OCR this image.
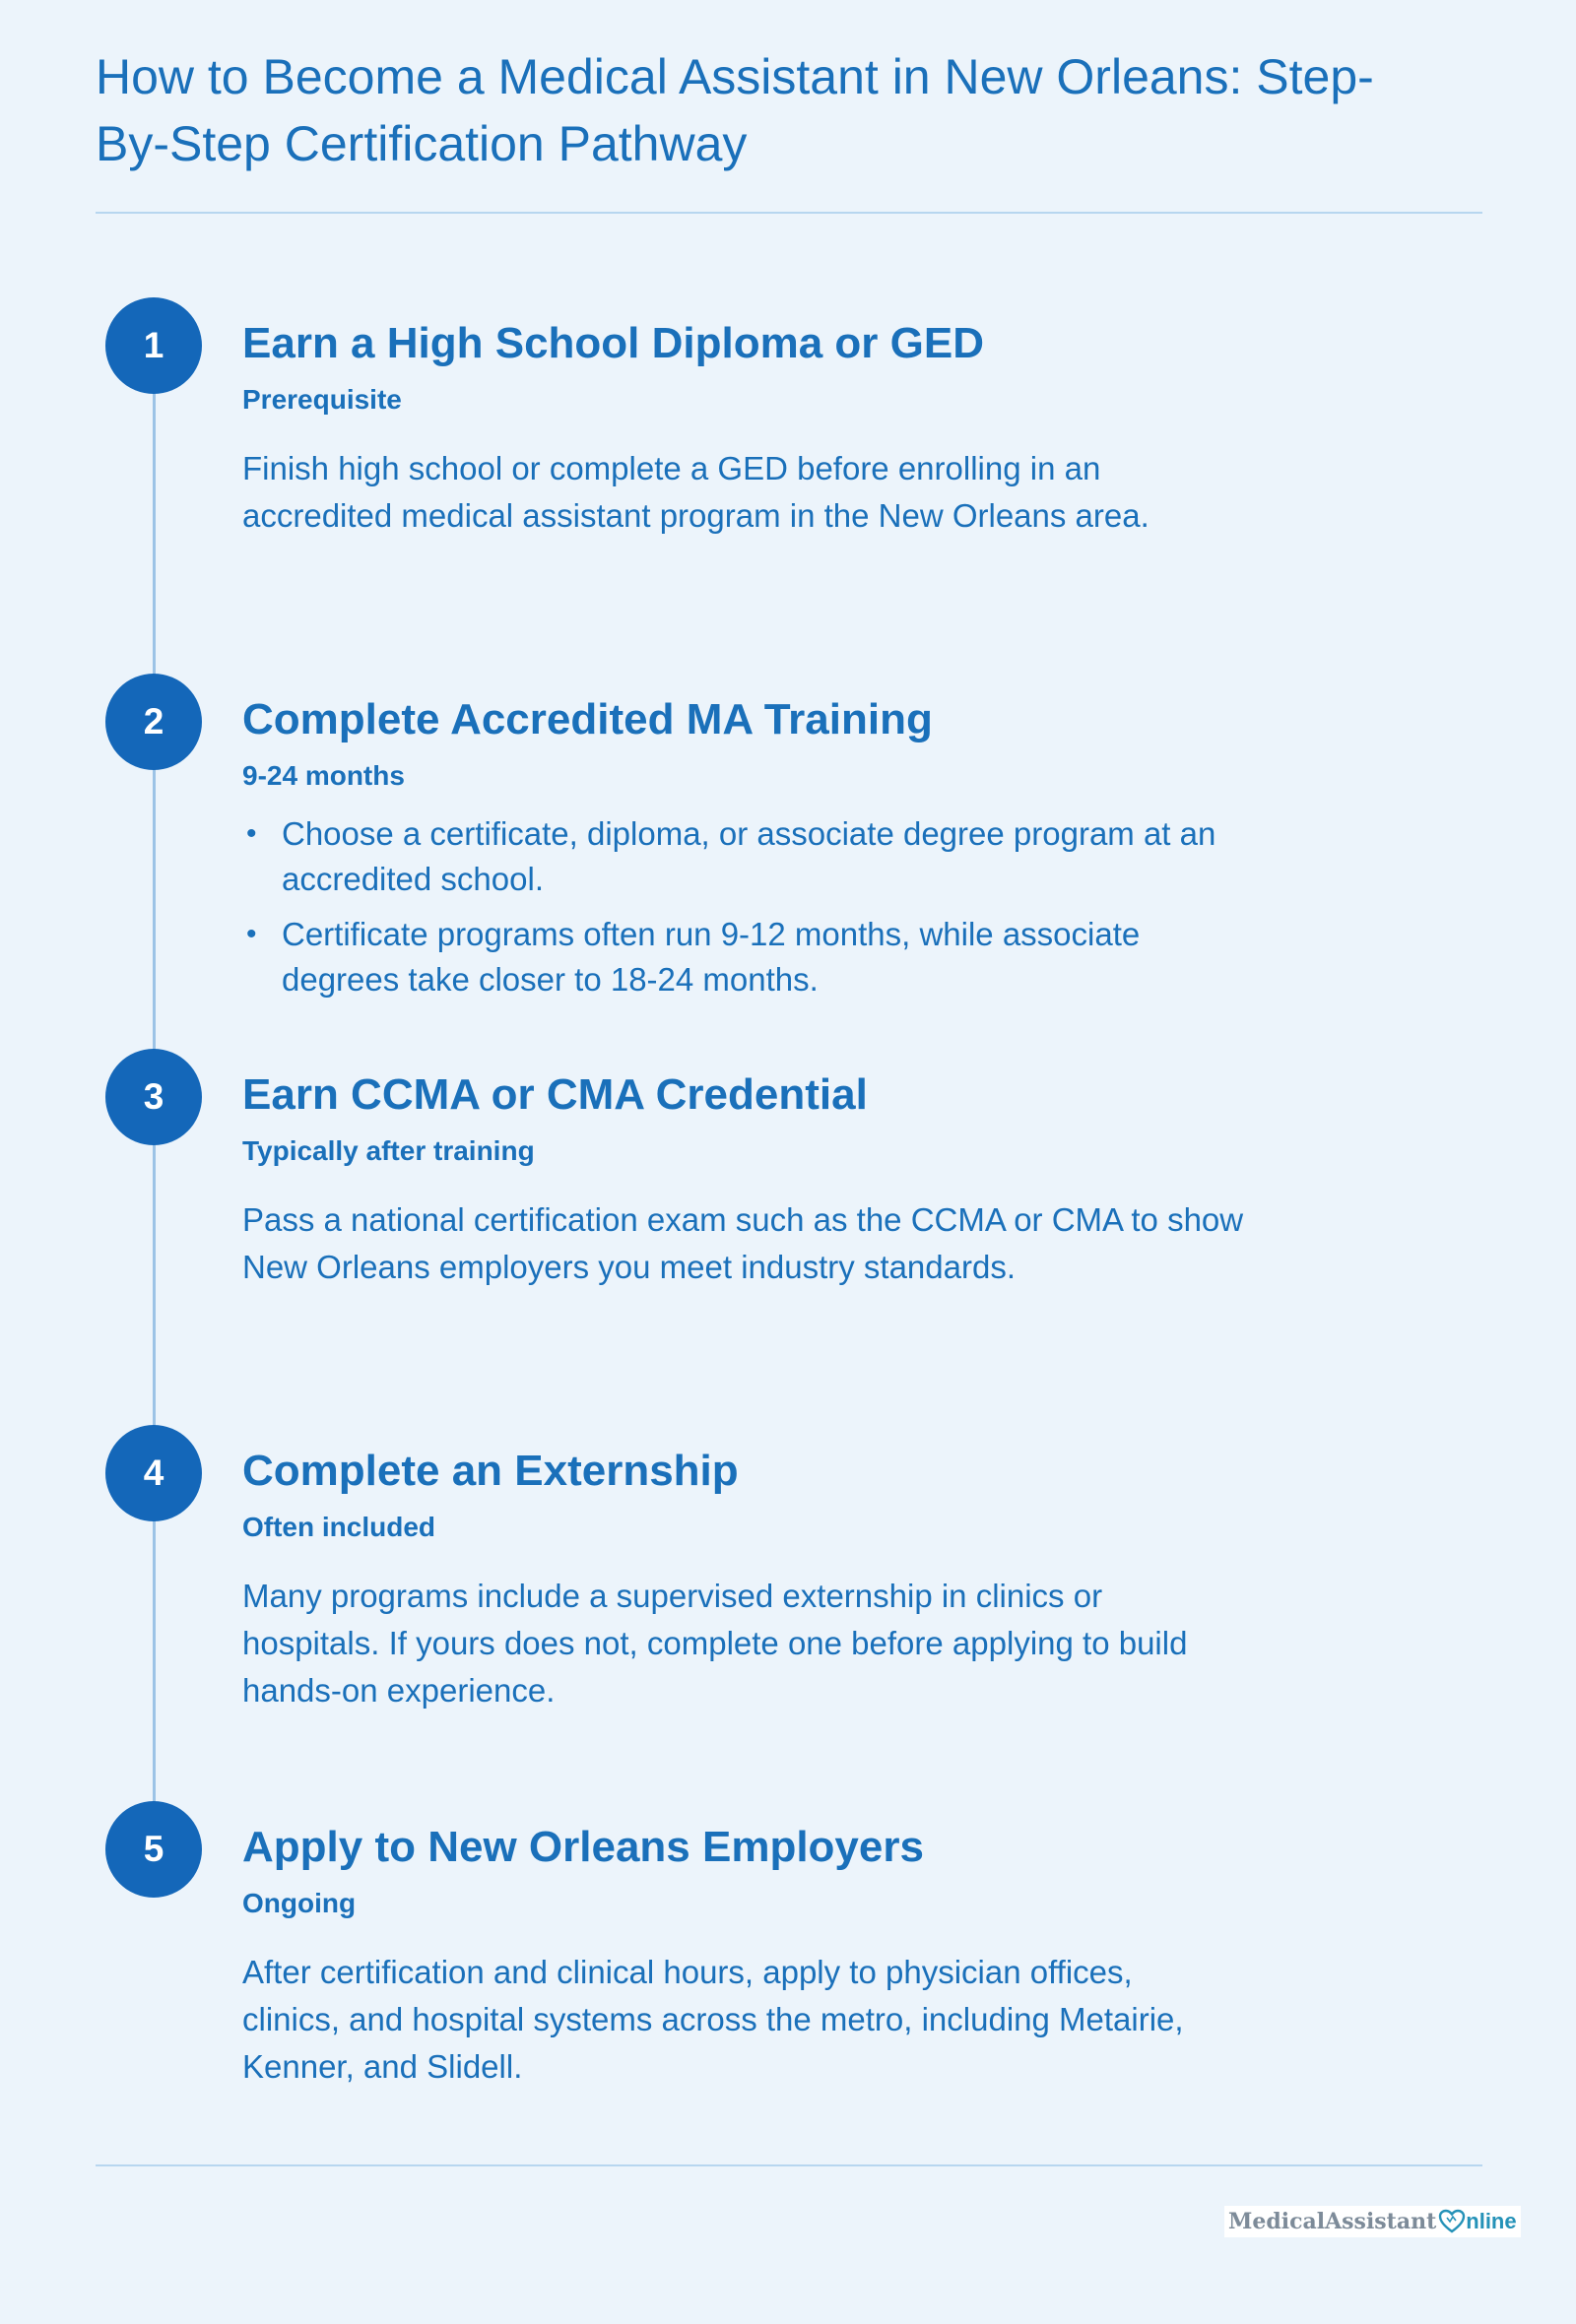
How to Become a Medical Assistant in New Orleans: Step-By-Step Certification Pathway
1	Earn a High School Diploma or GED
Prerequisite

Finish high school or complete a GED before enrolling in an accredited medical assistant program in the New Orleans area.

2	Complete Accredited MA Training
9-24 months
• Choose a certificate, diploma, or associate degree program at an accredited school.
• Certificate programs often run 9-12 months, while associate degrees take closer to 18-24 months.
3	Earn CCMA or CMA Credential
Typically after training

Pass a national certification exam such as the CCMA or CMA to show New Orleans employers you meet industry standards.

4	Complete an Externship
Often included

Many programs include a supervised externship in clinics or hospitals. If yours does not, complete one before applying to build hands-on experience.

5	Apply to New Orleans Employers
Ongoing

After certification and clinical hours, apply to physician offices, clinics, and hospital systems across the metro, including Metairie, Kenner, and Slidell.

MedicalAssistant nline
